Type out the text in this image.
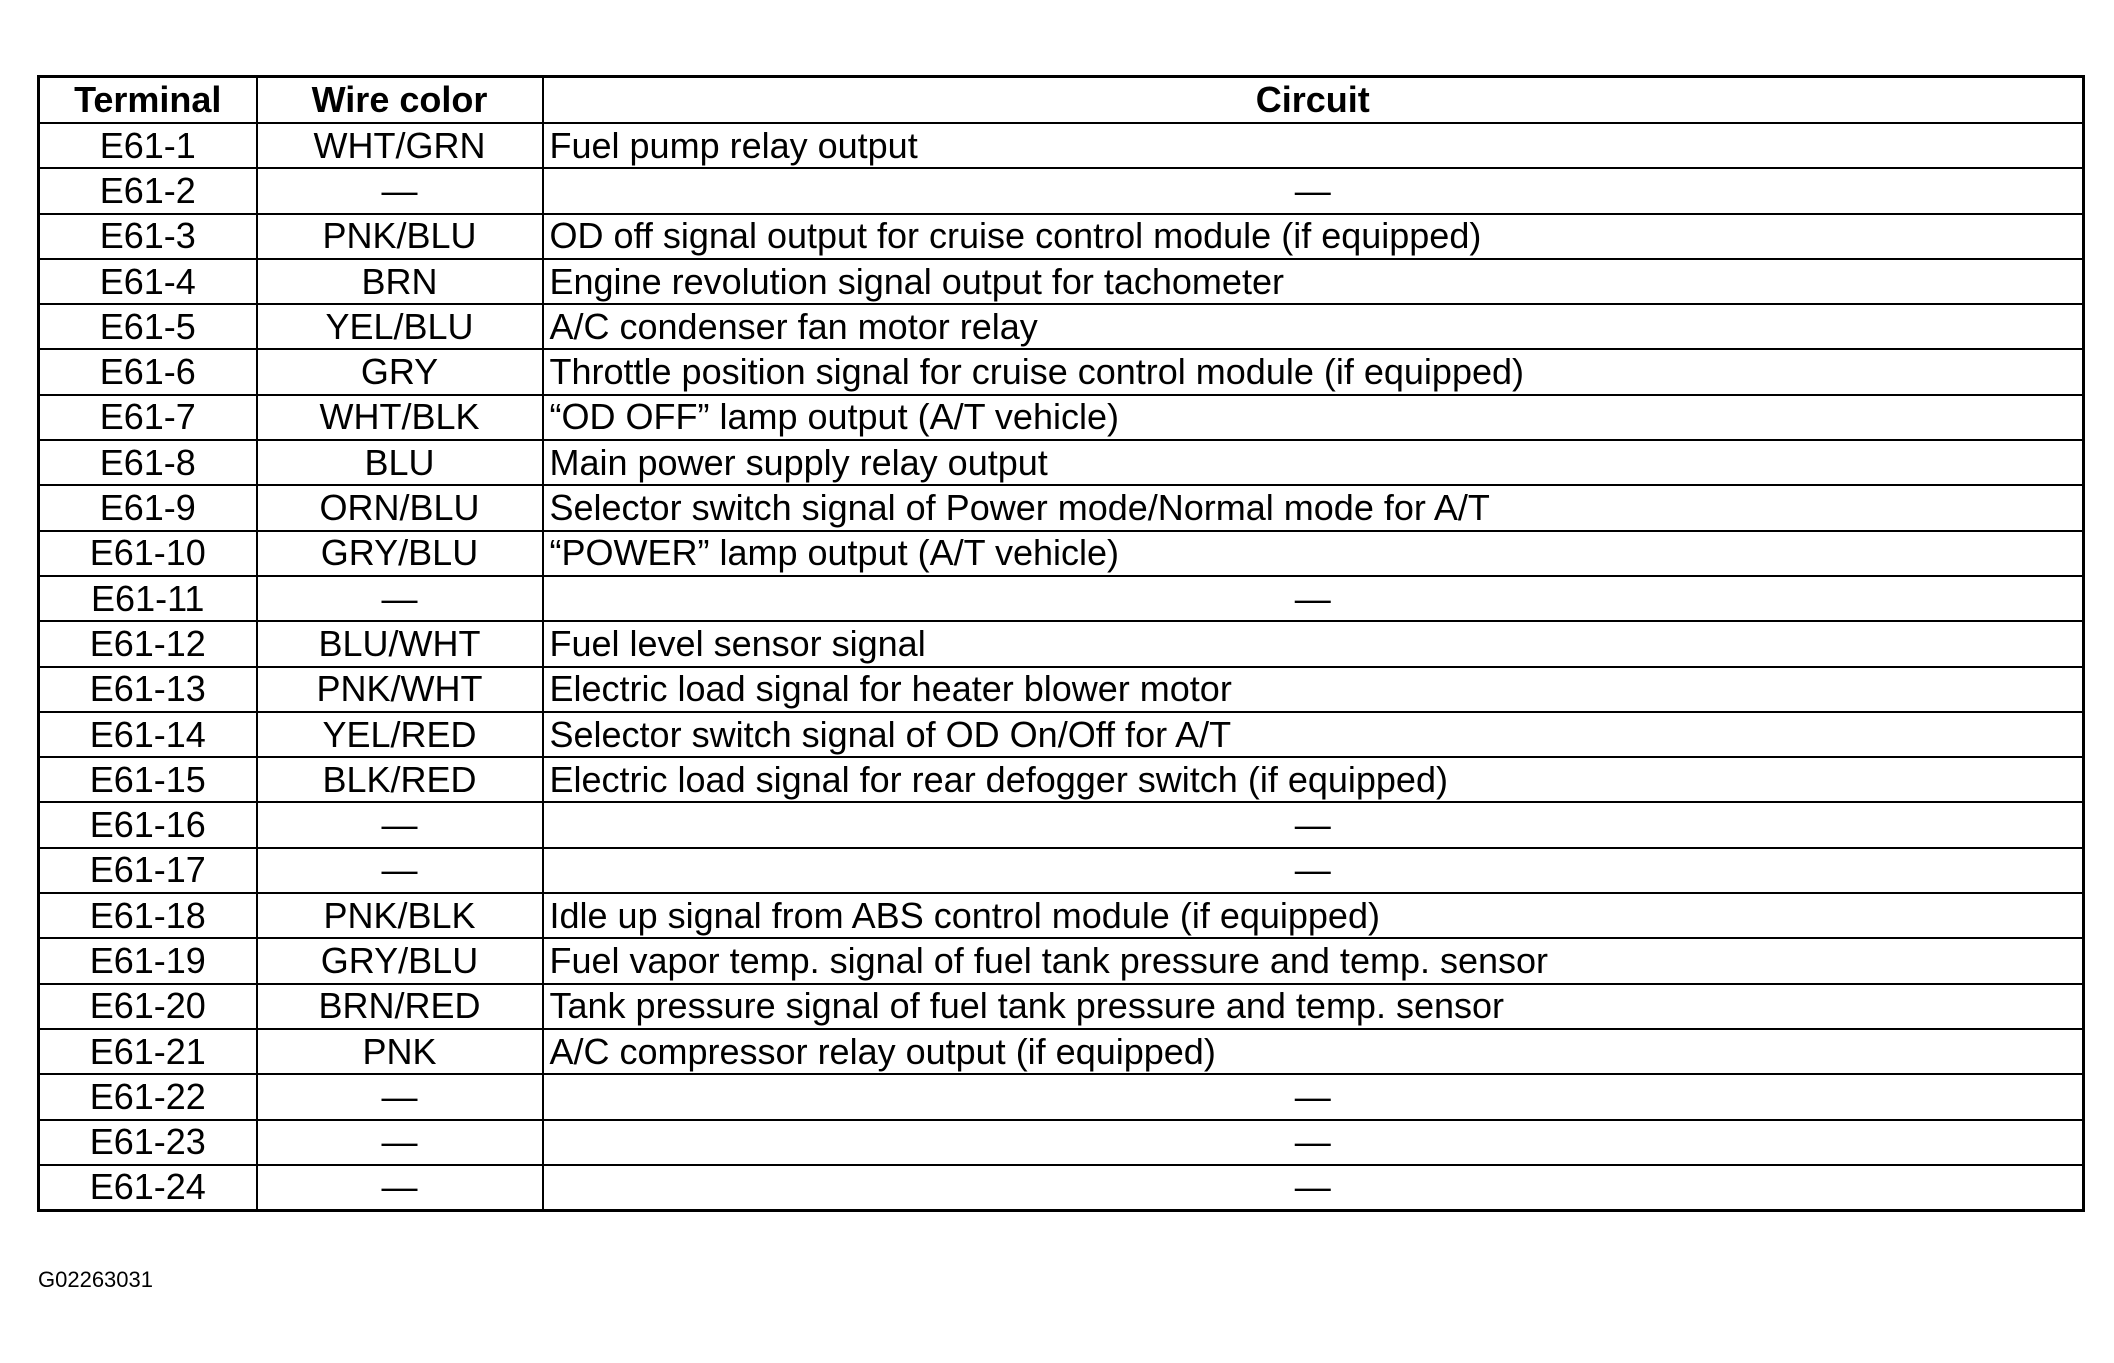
Terminal	Wire color	Circuit
E61-1	WHT/GRN	Fuel pump relay output
E61-2	—	—
E61-3	PNK/BLU	OD off signal output for cruise control module (if equipped)
E61-4	BRN	Engine revolution signal output for tachometer
E61-5	YEL/BLU	A/C condenser fan motor relay
E61-6	GRY	Throttle position signal for cruise control module (if equipped)
E61-7	WHT/BLK	“OD OFF” lamp output (A/T vehicle)
E61-8	BLU	Main power supply relay output
E61-9	ORN/BLU	Selector switch signal of Power mode/Normal mode for A/T
E61-10	GRY/BLU	“POWER” lamp output (A/T vehicle)
E61-11	—	—
E61-12	BLU/WHT	Fuel level sensor signal
E61-13	PNK/WHT	Electric load signal for heater blower motor
E61-14	YEL/RED	Selector switch signal of OD On/Off for A/T
E61-15	BLK/RED	Electric load signal for rear defogger switch (if equipped)
E61-16	—	—
E61-17	—	—
E61-18	PNK/BLK	Idle up signal from ABS control module (if equipped)
E61-19	GRY/BLU	Fuel vapor temp. signal of fuel tank pressure and temp. sensor
E61-20	BRN/RED	Tank pressure signal of fuel tank pressure and temp. sensor
E61-21	PNK	A/C compressor relay output (if equipped)
E61-22	—	—
E61-23	—	—
E61-24	—	—
G02263031
